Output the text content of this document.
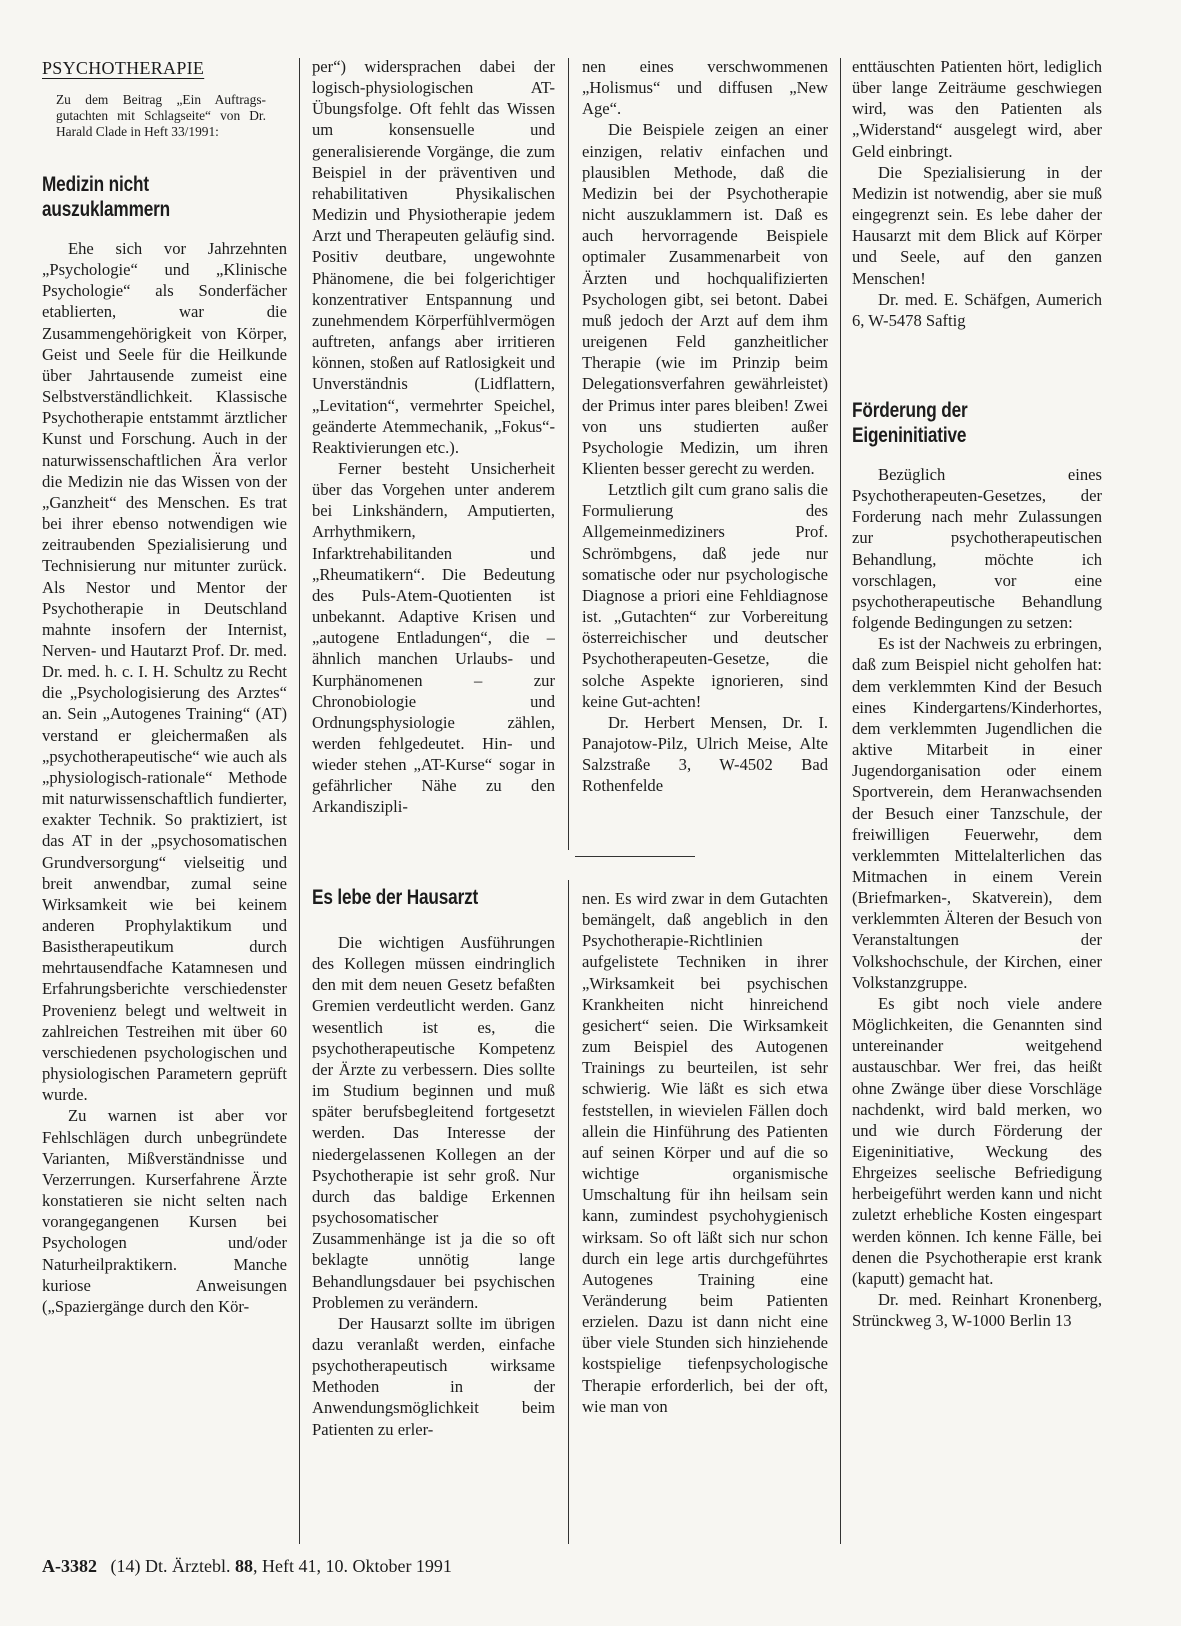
PSYCHOTHERAPIE
Zu dem Beitrag „Ein Auftrags-gutachten mit Schlagseite“ von Dr. Harald Clade in Heft 33/1991:
Medizin nicht
auszuklammern

Ehe sich vor Jahrzehnten „Psychologie“ und „Klinische Psychologie“ als Sonderfächer etablierten, war die Zusammengehörigkeit von Körper, Geist und Seele für die Heilkunde über Jahrtausende zumeist eine Selbstverständlichkeit. Klassische Psychotherapie entstammt ärztlicher Kunst und Forschung. Auch in der naturwissenschaftlichen Ära verlor die Medizin nie das Wissen von der „Ganzheit“ des Menschen. Es trat bei ihrer ebenso notwendigen wie zeitraubenden Spezialisierung und Technisierung nur mitunter zurück. Als Nestor und Mentor der Psychotherapie in Deutschland mahnte insofern der Internist, Nerven- und Hautarzt Prof. Dr. med. Dr. med. h. c. I. H. Schultz zu Recht die „Psychologisierung des Arztes“ an. Sein „Autogenes Training“ (AT) verstand er gleichermaßen als „psychotherapeutische“ wie auch als „physiologisch-rationale“ Methode mit naturwissenschaftlich fundierter, exakter Technik. So praktiziert, ist das AT in der „psychosomatischen Grundversorgung“ vielseitig und breit anwendbar, zumal seine Wirksamkeit wie bei keinem anderen Prophylaktikum und Basistherapeutikum durch mehrtausendfache Katamnesen und Erfahrungsberichte verschiedenster Provenienz belegt und weltweit in zahlreichen Testreihen mit über 60 verschiedenen psychologischen und physiologischen Parametern geprüft wurde.

Zu warnen ist aber vor Fehlschlägen durch unbegründete Varianten, Mißverständnisse und Verzerrungen. Kurserfahrene Ärzte konstatieren sie nicht selten nach vorangegangenen Kursen bei Psychologen und/oder Naturheilpraktikern. Manche kuriose Anweisungen („Spaziergänge durch den Kör-

per“) widersprachen dabei der logisch-physiologischen AT-Übungsfolge. Oft fehlt das Wissen um konsensuelle und generalisierende Vorgänge, die zum Beispiel in der präventiven und rehabilitativen Physikalischen Medizin und Physiotherapie jedem Arzt und Therapeuten geläufig sind. Positiv deutbare, ungewohnte Phänomene, die bei folgerichtiger konzentrativer Entspannung und zunehmendem Körperfühlvermögen auftreten, anfangs aber irritieren können, stoßen auf Ratlosigkeit und Unverständnis (Lidflattern, „Levitation“, vermehrter Speichel, geänderte Atemmechanik, „Fokus“-Reaktivierungen etc.).

Ferner besteht Unsicherheit über das Vorgehen unter anderem bei Linkshändern, Amputierten, Arrhythmikern, Infarktrehabilitanden und „Rheumatikern“. Die Bedeutung des Puls-Atem-Quotienten ist unbekannt. Adaptive Krisen und „autogene Entladungen“, die – ähnlich manchen Urlaubs- und Kurphänomenen – zur Chronobiologie und Ordnungsphysiologie zählen, werden fehlgedeutet. Hin- und wieder stehen „AT-Kurse“ sogar in gefährlicher Nähe zu den Arkandiszipli-

nen eines verschwommenen „Holismus“ und diffusen „New Age“.

Die Beispiele zeigen an einer einzigen, relativ einfachen und plausiblen Methode, daß die Medizin bei der Psychotherapie nicht auszuklammern ist. Daß es auch hervorragende Beispiele optimaler Zusammenarbeit von Ärzten und hochqualifizierten Psychologen gibt, sei betont. Dabei muß jedoch der Arzt auf dem ihm ureigenen Feld ganzheitlicher Therapie (wie im Prinzip beim Delegationsverfahren gewährleistet) der Primus inter pares bleiben! Zwei von uns studierten außer Psychologie Medizin, um ihren Klienten besser gerecht zu werden.

Letztlich gilt cum grano salis die Formulierung des Allgemeinmediziners Prof. Schrömbgens, daß jede nur somatische oder nur psychologische Diagnose a priori eine Fehldiagnose ist. „Gutachten“ zur Vorbereitung österreichischer und deutscher Psychotherapeuten-Gesetze, die solche Aspekte ignorieren, sind keine Gut-achten!

Dr. Herbert Mensen, Dr. I. Panajotow-Pilz, Ulrich Meise, Alte Salzstraße 3, W-4502 Bad Rothenfelde

Es lebe der Hausarzt

Die wichtigen Ausführungen des Kollegen müssen eindringlich den mit dem neuen Gesetz befaßten Gremien verdeutlicht werden. Ganz wesentlich ist es, die psychotherapeutische Kompetenz der Ärzte zu verbessern. Dies sollte im Studium beginnen und muß später berufsbegleitend fortgesetzt werden. Das Interesse der niedergelassenen Kollegen an der Psychotherapie ist sehr groß. Nur durch das baldige Erkennen psychosomatischer Zusammenhänge ist ja die so oft beklagte unnötig lange Behandlungsdauer bei psychischen Problemen zu verändern.

Der Hausarzt sollte im übrigen dazu veranlaßt werden, einfache psychotherapeutisch wirksame Methoden in der Anwendungsmöglichkeit beim Patienten zu erler-

nen. Es wird zwar in dem Gutachten bemängelt, daß angeblich in den Psychotherapie-Richtlinien aufgelistete Techniken in ihrer „Wirksamkeit bei psychischen Krankheiten nicht hinreichend gesichert“ seien. Die Wirksamkeit zum Beispiel des Autogenen Trainings zu beurteilen, ist sehr schwierig. Wie läßt es sich etwa feststellen, in wievielen Fällen doch allein die Hinführung des Patienten auf seinen Körper und auf die so wichtige organismische Umschaltung für ihn heilsam sein kann, zumindest psychohygienisch wirksam. So oft läßt sich nur schon durch ein lege artis durchgeführtes Autogenes Training eine Veränderung beim Patienten erzielen. Dazu ist dann nicht eine über viele Stunden sich hinziehende kostspielige tiefenpsychologische Therapie erforderlich, bei der oft, wie man von

enttäuschten Patienten hört, lediglich über lange Zeiträume geschwiegen wird, was den Patienten als „Widerstand“ ausgelegt wird, aber Geld einbringt.

Die Spezialisierung in der Medizin ist notwendig, aber sie muß eingegrenzt sein. Es lebe daher der Hausarzt mit dem Blick auf Körper und Seele, auf den ganzen Menschen!

Dr. med. E. Schäfgen, Aumerich 6, W-5478 Saftig

Förderung der
Eigeninitiative

Bezüglich eines Psychotherapeuten-Gesetzes, der Forderung nach mehr Zulassungen zur psychotherapeutischen Behandlung, möchte ich vorschlagen, vor eine psychotherapeutische Behandlung folgende Bedingungen zu setzen:

Es ist der Nachweis zu erbringen, daß zum Beispiel nicht geholfen hat: dem verklemmten Kind der Besuch eines Kindergartens/Kinderhortes, dem verklemmten Jugendlichen die aktive Mitarbeit in einer Jugendorganisation oder einem Sportverein, dem Heranwachsenden der Besuch einer Tanzschule, der freiwilligen Feuerwehr, dem verklemmten Mittelalterlichen das Mitmachen in einem Verein (Briefmarken-, Skatverein), dem verklemmten Älteren der Besuch von Veranstaltungen der Volkshochschule, der Kirchen, einer Volkstanzgruppe.

Es gibt noch viele andere Möglichkeiten, die Genannten sind untereinander weitgehend austauschbar. Wer frei, das heißt ohne Zwänge über diese Vorschläge nachdenkt, wird bald merken, wo und wie durch Förderung der Eigeninitiative, Weckung des Ehrgeizes seelische Befriedigung herbeigeführt werden kann und nicht zuletzt erhebliche Kosten eingespart werden können. Ich kenne Fälle, bei denen die Psychotherapie erst krank (kaputt) gemacht hat.

Dr. med. Reinhart Kronenberg, Strünckweg 3, W-1000 Berlin 13

A-3382 (14) Dt. Ärztebl. 88, Heft 41, 10. Oktober 1991
